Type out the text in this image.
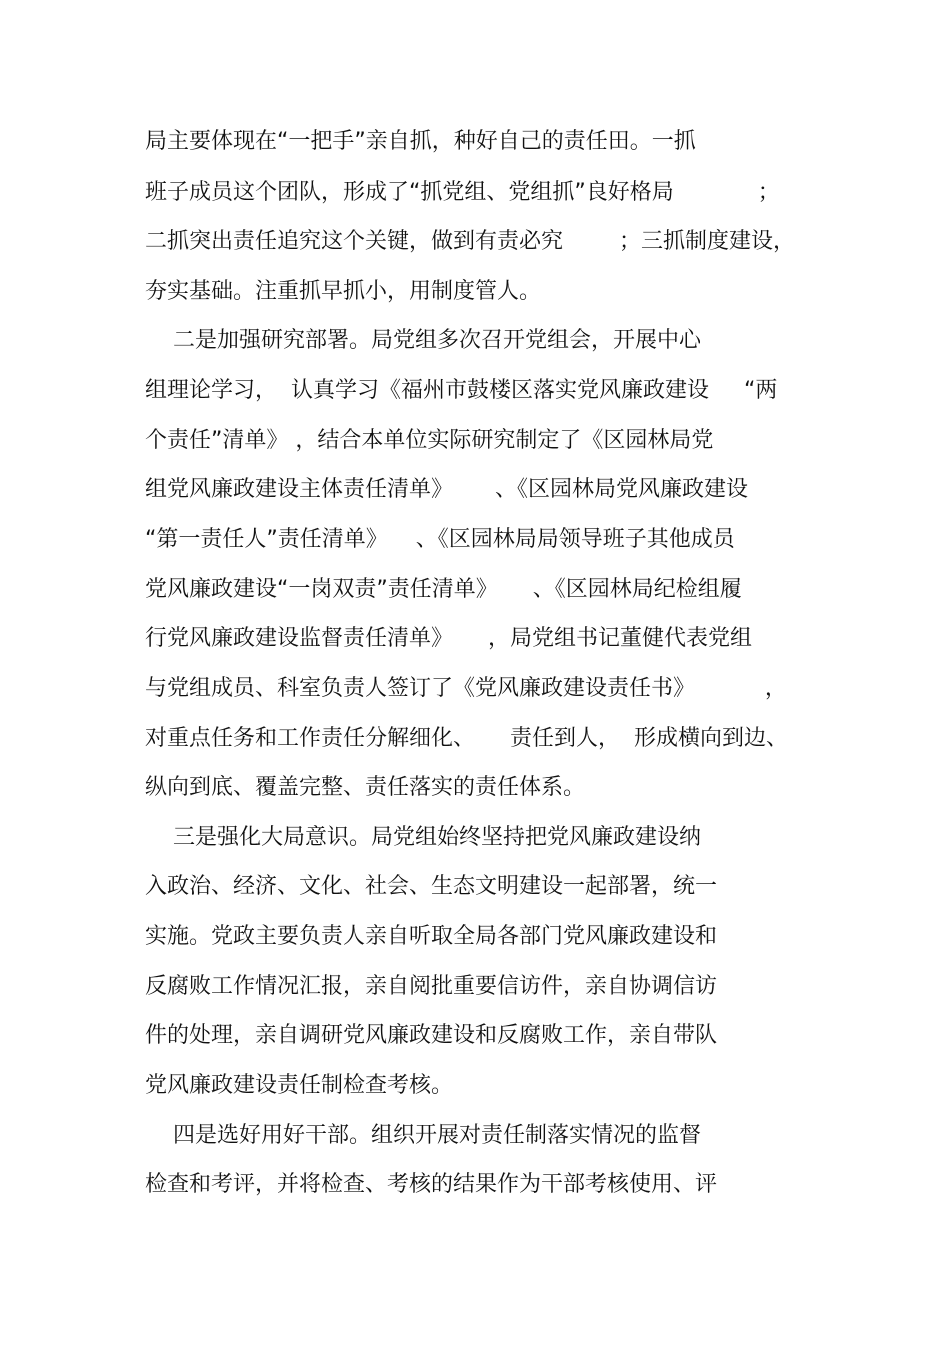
局主要体现在“一把手”亲自抓，种好自己的责任田。一抓
班子成员这个团队，形成了“抓党组、党组抓”良好格局            ；
二抓突出责任追究这个关键，做到有责必究        ；三抓制度建设，
夯实基础。注重抓早抓小，用制度管人。
二是加强研究部署。局党组多次召开党组会，开展中心
组理论学习，  认真学习《福州市鼓楼区落实党风廉政建设     “两
个责任”清单》 ，结合本单位实际研究制定了《区园林局党
组党风廉政建设主体责任清单》      、《区园林局党风廉政建设
“第一责任人”责任清单》    、《区园林局局领导班子其他成员
党风廉政建设“一岗双责”责任清单》     、《区园林局纪检组履
行党风廉政建设监督责任清单》     ，局党组书记董健代表党组
与党组成员、科室负责人签订了《党风廉政建设责任书》          ，
对重点任务和工作责任分解细化、     责任到人，  形成横向到边、
纵向到底、覆盖完整、责任落实的责任体系。
三是强化大局意识。局党组始终坚持把党风廉政建设纳
入政治、经济、文化、社会、生态文明建设一起部署，统一
实施。党政主要负责人亲自听取全局各部门党风廉政建设和
反腐败工作情况汇报，亲自阅批重要信访件，亲自协调信访
件的处理，亲自调研党风廉政建设和反腐败工作，亲自带队
党风廉政建设责任制检查考核。
四是选好用好干部。组织开展对责任制落实情况的监督
检查和考评，并将检查、考核的结果作为干部考核使用、评
